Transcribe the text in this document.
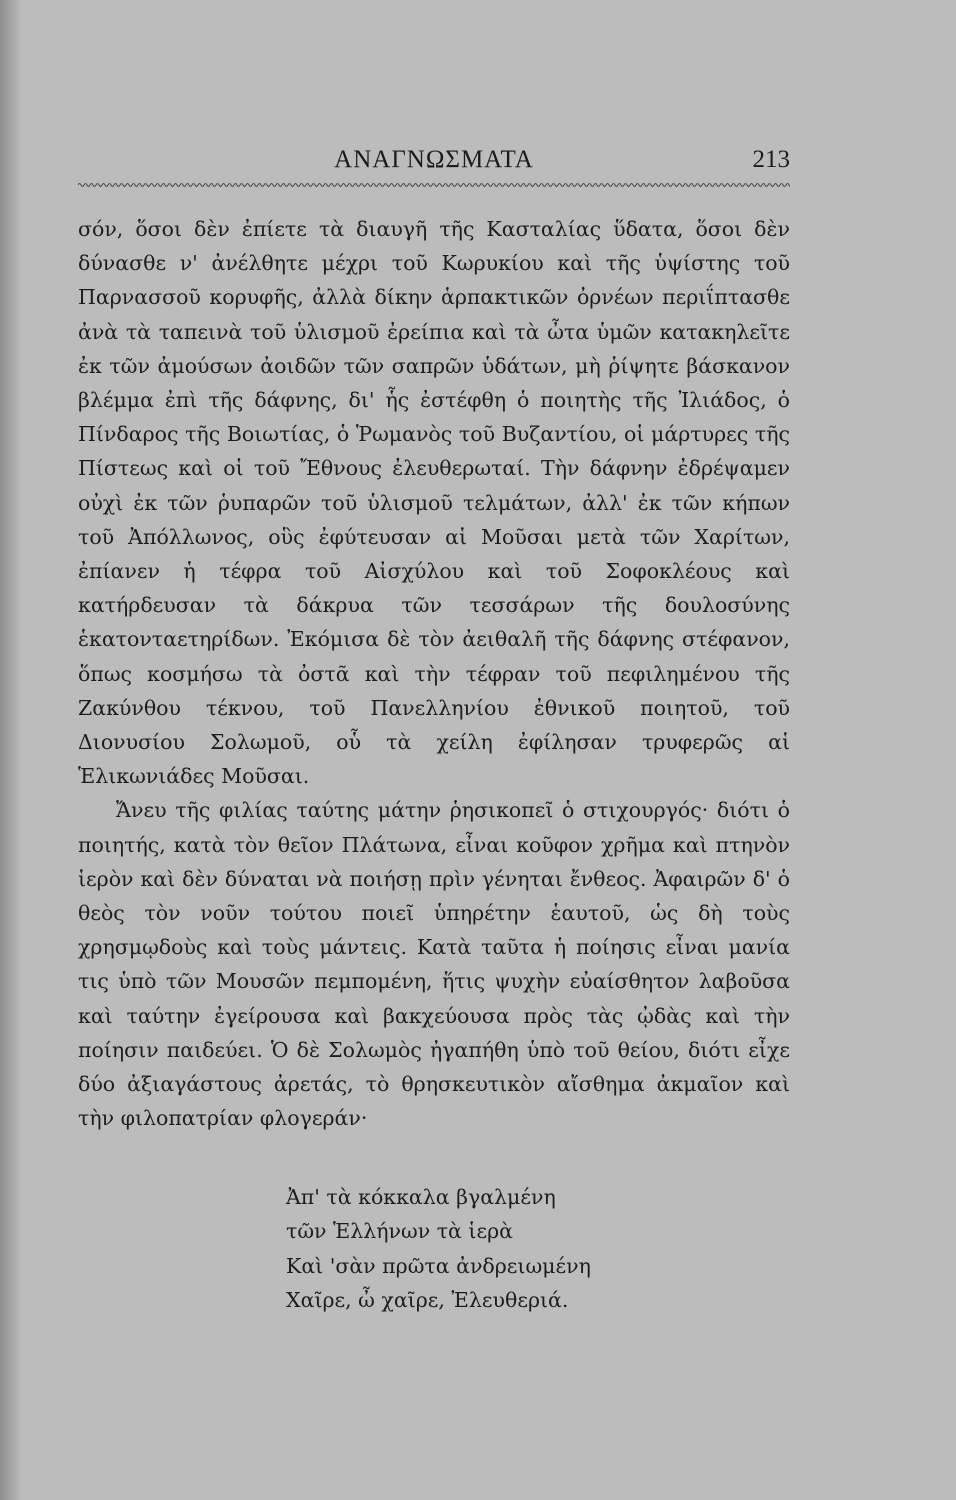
ΑΝΑΓΝΩΣΜΑΤΑ	213

σόν, ὅσοι δὲν ἐπίετε τὰ διαυγῆ τῆς Κασταλίας ὕδατα, ὅσοι δὲν δύνασθε ν' ἀνέλθητε μέχρι τοῦ Κωρυκίου καὶ τῆς ὑψίστης τοῦ Παρνασσοῦ κορυφῆς, ἀλλὰ δίκην ἁρπακτικῶν ὀρνέων περιΐπτασθε ἀνὰ τὰ ταπεινὰ τοῦ ὑλισμοῦ ἐρείπια καὶ τὰ ὦτα ὑμῶν κατακηλεῖτε ἐκ τῶν ἀμούσων ἀοιδῶν τῶν σαπρῶν ὑδάτων, μὴ ῥίψητε βάσκανον βλέμμα ἐπὶ τῆς δάφνης, δι' ἧς ἐστέφθη ὁ ποιητὴς τῆς Ἰλιάδος, ὁ Πίνδαρος τῆς Βοιωτίας, ὁ Ῥωμανὸς τοῦ Βυζαντίου, οἱ μάρτυρες τῆς Πίστεως καὶ οἱ τοῦ Ἔθνους ἐλευθερωταί. Τὴν δάφνην ἐδρέψαμεν οὐχὶ ἐκ τῶν ῥυπαρῶν τοῦ ὑλισμοῦ τελμάτων, ἀλλ' ἐκ τῶν κήπων τοῦ Ἀπόλλωνος, οὓς ἐφύτευσαν αἱ Μοῦσαι μετὰ τῶν Χαρίτων, ἐπίανεν ἡ τέφρα τοῦ Αἰσχύλου καὶ τοῦ Σοφοκλέους καὶ κατήρδευσαν τὰ δάκρυα τῶν τεσσάρων τῆς δουλοσύνης ἑκατονταετηρίδων. Ἐκόμισα δὲ τὸν ἀειθαλῆ τῆς δάφνης στέφανον, ὅπως κοσμήσω τὰ ὀστᾶ καὶ τὴν τέφραν τοῦ πεφιλημένου τῆς Ζακύνθου τέκνου, τοῦ Πανελληνίου ἐθνικοῦ ποιητοῦ, τοῦ Διονυσίου Σολωμοῦ, οὗ τὰ χείλη ἐφίλησαν τρυφερῶς αἱ Ἑλικωνιάδες Μοῦσαι.

Ἄνευ τῆς φιλίας ταύτης μάτην ῥησικοπεῖ ὁ στιχουργός· διότι ὁ ποιητής, κατὰ τὸν θεῖον Πλάτωνα, εἶναι κοῦφον χρῆμα καὶ πτηνὸν ἱερὸν καὶ δὲν δύναται νὰ ποιήσῃ πρὶν γένηται ἔνθεος. Ἀφαιρῶν δ' ὁ θεὸς τὸν νοῦν τούτου ποιεῖ ὑπηρέτην ἑαυτοῦ, ὡς δὴ τοὺς χρησμῳδοὺς καὶ τοὺς μάντεις. Κατὰ ταῦτα ἡ ποίησις εἶναι μανία τις ὑπὸ τῶν Μουσῶν πεμπομένη, ἥτις ψυχὴν εὐαίσθητον λαβοῦσα καὶ ταύτην ἐγείρουσα καὶ βακχεύουσα πρὸς τὰς ᾠδὰς καὶ τὴν ποίησιν παιδεύει. Ὁ δὲ Σολωμὸς ἠγαπήθη ὑπὸ τοῦ θείου, διότι εἶχε δύο ἀξιαγάστους ἀρετάς, τὸ θρησκευτικὸν αἴσθημα ἀκμαῖον καὶ τὴν φιλοπατρίαν φλογεράν·

Ἀπ' τὰ κόκκαλα βγαλμένη
τῶν Ἑλλήνων τὰ ἱερὰ
Καὶ 'σὰν πρῶτα ἀνδρειωμένη
Χαῖρε, ὦ χαῖρε, Ἐλευθεριά.
